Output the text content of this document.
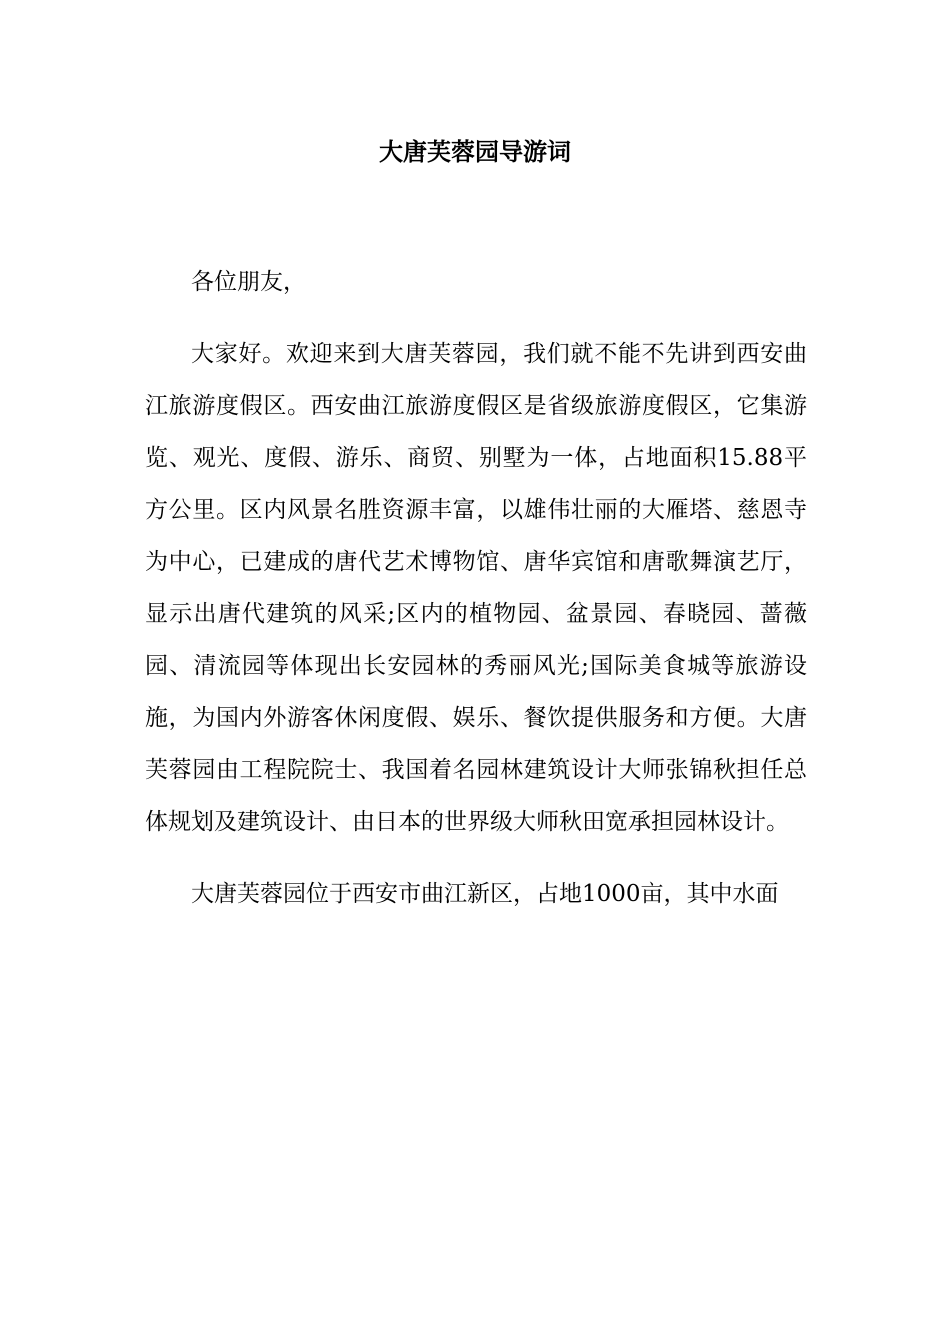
大唐芙蓉园导游词

各位朋友，

大家好。欢迎来到大唐芙蓉园，我们就不能不先讲到西安曲江旅游度假区。西安曲江旅游度假区是省级旅游度假区，它集游览、观光、度假、游乐、商贸、别墅为一体，占地面积15.88平方公里。区内风景名胜资源丰富，以雄伟壮丽的大雁塔、慈恩寺为中心，已建成的唐代艺术博物馆、唐华宾馆和唐歌舞演艺厅，显示出唐代建筑的风采;区内的植物园、盆景园、春晓园、蔷薇园、清流园等体现出长安园林的秀丽风光;国际美食城等旅游设施，为国内外游客休闲度假、娱乐、餐饮提供服务和方便。大唐芙蓉园由工程院院士、我国着名园林建筑设计大师张锦秋担任总体规划及建筑设计、由日本的世界级大师秋田宽承担园林设计。

大唐芙蓉园位于西安市曲江新区，占地1000亩，其中水面
